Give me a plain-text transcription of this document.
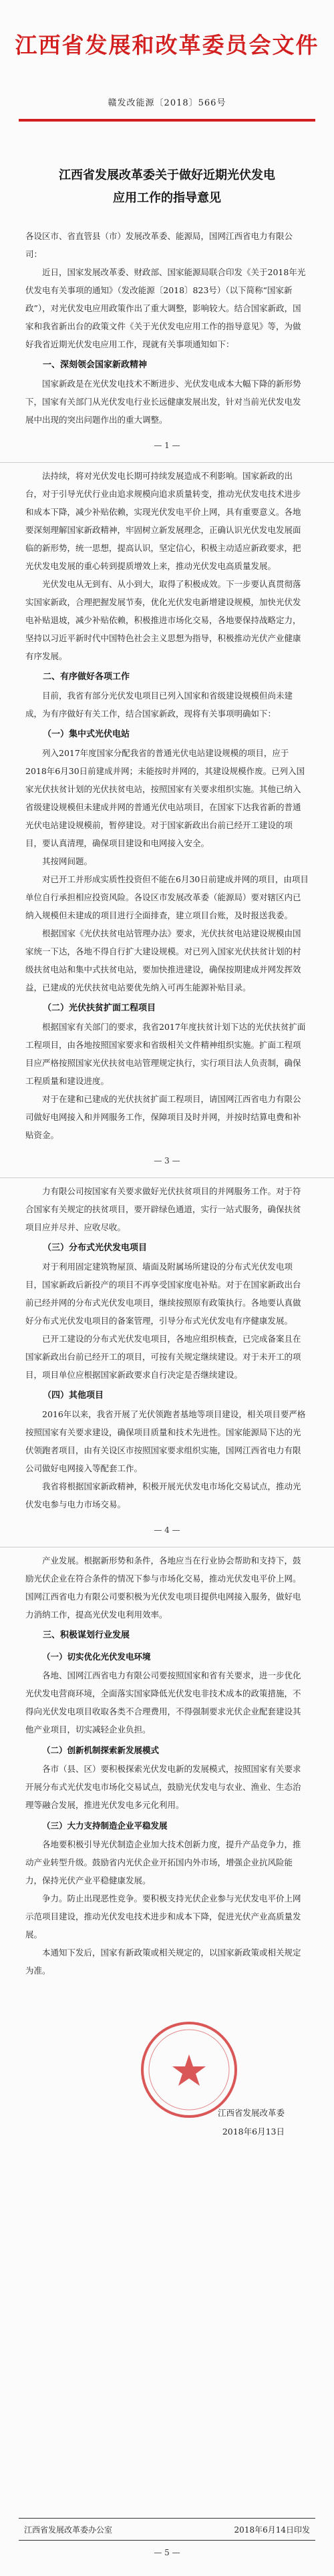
江西省发展和改革委员会文件
赣发改能源〔2018〕566号
江西省发展改革委关于做好近期光伏发电
应用工作的指导意见
各设区市、省直管县（市）发展改革委、能源局，国网江西省电力有限公司：

近日，国家发展改革委、财政部、国家能源局联合印发《关于2018年光伏发电有关事项的通知》（发改能源〔2018〕823号）（以下简称“国家新政”），对光伏发电应用政策作出了重大调整，影响较大。结合国家新政，国家和我省新出台的政策文件《关于光伏发电应用工作的指导意见》等，为做好我省近期光伏发电应用工作，现就有关事项通知如下：

一、深刻领会国家新政精神

国家新政是在光伏发电技术不断进步、光伏发电成本大幅下降的新形势下，国家有关部门从光伏发电行业长远健康发展出发，针对当前光伏发电发展中出现的突出问题作出的重大调整。

— 1 —

法持续，将对光伏发电长期可持续发展造成不利影响。国家新政的出台，对于引导光伏行业由追求规模向追求质量转变，推动光伏发电技术进步和成本下降，减少补贴依赖，实现光伏发电平价上网，具有重要意义。各地要深刻理解国家新政精神，牢固树立新发展理念，正确认识光伏发电发展面临的新形势，统一思想，提高认识，坚定信心，积极主动适应新政要求，把光伏发电发展的重心转到提质增效上来，推动光伏发电高质量发展。

光伏发电从无到有、从小到大，取得了积极成效。下一步要认真贯彻落实国家新政，合理把握发展节奏，优化光伏发电新增建设规模，加快光伏发电补贴退坡，减少补贴依赖，积极推进市场化交易，各地要保持战略定力，坚持以习近平新时代中国特色社会主义思想为指导，积极推动光伏产业健康有序发展。

二、有序做好各项工作

目前，我省有部分光伏发电项目已列入国家和省级建设规模但尚未建成，为有序做好有关工作，结合国家新政，现将有关事项明确如下：

（一）集中式光伏电站

列入2017年度国家分配我省的普通光伏电站建设规模的项目，应于2018年6月30日前建成并网；未能按时并网的，其建设规模作废。已列入国家光伏扶贫计划的光伏扶贫电站，按照国家有关要求组织实施。其他已纳入省级建设规模但未建成并网的普通光伏电站项目，在国家下达我省新的普通光伏电站建设规模前，暂停建设。对于国家新政出台前已经开工建设的项目，要认真清理，确保项目建设和电网接入安全。

其按网间题。

对已开工并形成实质性投资但不能在6月30日前建成并网的项目，由项目单位自行承担相应投资风险。各设区市发展改革委（能源局）要对辖区内已纳入规模但未建成的项目进行全面排查，建立项目台账，及时报送我委。

根据国家《光伏扶贫电站管理办法》要求，光伏扶贫电站建设规模由国家统一下达，各地不得自行扩大建设规模。对已列入国家光伏扶贫计划的村级扶贫电站和集中式扶贫电站，要加快推进建设，确保按期建成并网发挥效益，已建成的光伏扶贫电站要优先纳入可再生能源补贴目录。

（二）光伏扶贫扩面工程项目

根据国家有关部门的要求，我省2017年度扶贫计划下达的光伏扶贫扩面工程项目，由各地按照国家要求和省级相关文件精神组织实施。扩面工程项目应严格按照国家光伏扶贫电站管理规定执行，实行项目法人负责制，确保工程质量和建设进度。

对于在建和已建成的光伏扶贫扩面工程项目，请国网江西省电力有限公司做好电网接入和并网服务工作，保障项目及时并网，并按时结算电费和补贴资金。

— 3 —

力有限公司按国家有关要求做好光伏扶贫项目的并网服务工作。对于符合国家有关规定的扶贫项目，要开辟绿色通道，实行一站式服务，确保扶贫项目应并尽并、应收尽收。

（三）分布式光伏发电项目

对于利用固定建筑物屋顶、墙面及附属场所建设的分布式光伏发电项目，国家新政后新投产的项目不再享受国家度电补贴。对于在国家新政出台前已经并网的分布式光伏发电项目，继续按照原有政策执行。各地要认真做好分布式光伏发电项目的备案管理，引导分布式光伏发电有序健康发展。

已开工建设的分布式光伏发电项目，各地应组织核查，已完成备案且在国家新政出台前已经开工的项目，可按有关规定继续建设。对于未开工的项目，项目单位应根据国家新政要求自行决定是否继续建设。

（四）其他项目

2016年以来，我省开展了光伏领跑者基地等项目建设，相关项目要严格按照国家有关要求建设，确保项目质量和技术先进性。国家能源局下达的光伏领跑者项目，由有关设区市按照国家要求组织实施，国网江西省电力有限公司做好电网接入等配套工作。

我省将根据国家新政精神，积极开展光伏发电市场化交易试点，推动光伏发电参与电力市场交易。

— 4 —

产业发展。根据新形势和条件，各地应当在行业协会帮助和支持下，鼓励光伏企业在符合条件的情况下参与市场化交易，推动光伏发电平价上网。国网江西省电力有限公司要积极为光伏发电项目提供电网接入服务，做好电力消纳工作，提高光伏发电利用效率。

三、积极谋划行业发展
（一）切实优化光伏发电环境

各地、国网江西省电力有限公司要按照国家和省有关要求，进一步优化光伏发电营商环境，全面落实国家降低光伏发电非技术成本的政策措施，不得向光伏发电项目收取各类不合理费用，不得强制要求光伏企业配套建设其他产业项目，切实减轻企业负担。

（二）创新机制探索新发展模式

各市（县、区）要积极探索光伏发电新的发展模式，按照国家有关要求开展分布式光伏发电市场化交易试点，鼓励光伏发电与农业、渔业、生态治理等融合发展，推进光伏发电多元化利用。

（三）大力支持制造企业平稳发展

各地要积极引导光伏制造企业加大技术创新力度，提升产品竞争力，推动产业转型升级。鼓励省内光伏企业开拓国内外市场，增强企业抗风险能力，保持光伏产业平稳健康发展。

争力。防止出现恶性竞争。要积极支持光伏企业参与光伏发电平价上网示范项目建设，推动光伏发电技术进步和成本下降，促进光伏产业高质量发展。

本通知下发后，国家有新政策或相关规定的，以国家新政策或相关规定为准。

江西省发展改革委
2018年6月13日
江西省发展改革委办公室	2018年6月14日印发
— 5 —
